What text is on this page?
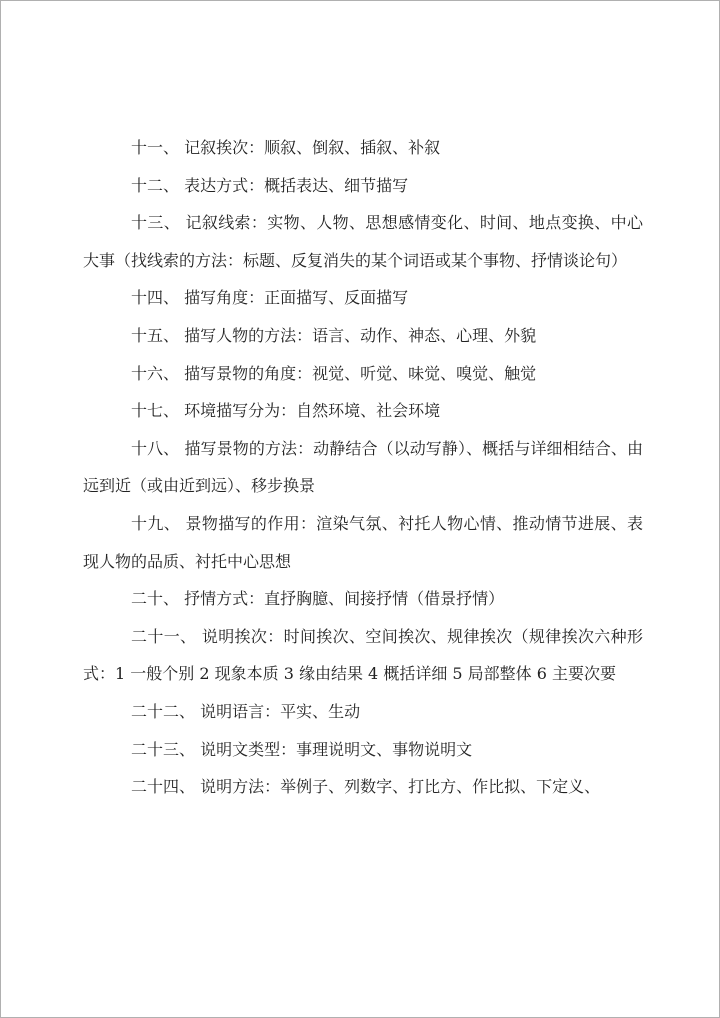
十一、 记叙挨次：顺叙、倒叙、插叙、补叙

十二、 表达方式：概括表达、细节描写

十三、 记叙线索：实物、人物、思想感情变化、时间、地点变换、中心大事（找线索的方法：标题、反复消失的某个词语或某个事物、抒情谈论句）

十四、 描写角度：正面描写、反面描写

十五、 描写人物的方法：语言、动作、神态、心理、外貌

十六、 描写景物的角度：视觉、听觉、味觉、嗅觉、触觉

十七、 环境描写分为：自然环境、社会环境

十八、 描写景物的方法：动静结合（以动写静）、概括与详细相结合、由远到近（或由近到远）、移步换景

十九、 景物描写的作用：渲染气氛、衬托人物心情、推动情节进展、表现人物的品质、衬托中心思想

二十、 抒情方式：直抒胸臆、间接抒情（借景抒情）

二十一、 说明挨次：时间挨次、空间挨次、规律挨次（规律挨次六种形式：1 一般个别 2 现象本质 3 缘由结果 4 概括详细 5 局部整体 6 主要次要

二十二、 说明语言：平实、生动

二十三、 说明文类型：事理说明文、事物说明文

二十四、 说明方法：举例子、列数字、打比方、作比拟、下定义、
